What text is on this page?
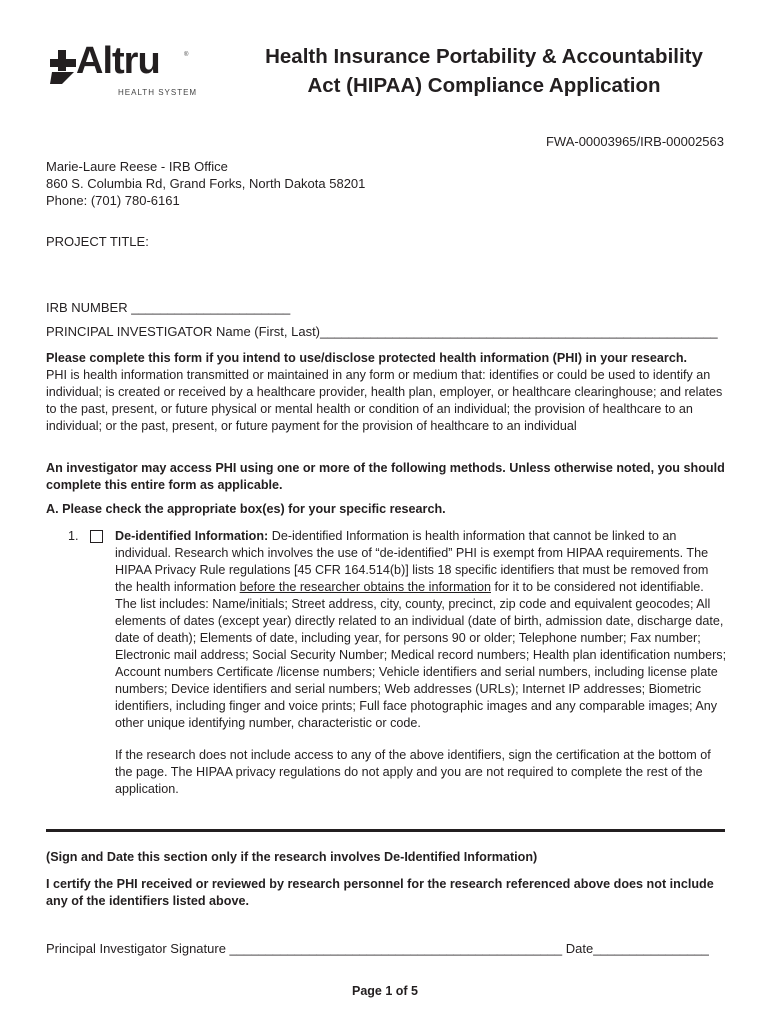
Altru	®
HEALTH SYSTEM
Health Insurance Portability & Accountability
Act (HIPAA) Compliance Application
FWA-00003965/IRB-00002563
Marie-Laure Reese - IRB Office
860 S. Columbia Rd, Grand Forks, North Dakota 58201
Phone: (701) 780-6161
PROJECT TITLE:
IRB NUMBER ______________________
PRINCIPAL INVESTIGATOR Name (First, Last)_______________________________________________________
Please complete this form if you intend to use/disclose protected health information (PHI) in your research.
PHI is health information transmitted or maintained in any form or medium that: identifies or could be used to identify an individual; is created or received by a healthcare provider, health plan, employer, or healthcare clearinghouse; and relates to the past, present, or future physical or mental health or condition of an individual; the provision of healthcare to an individual; or the past, present, or future payment for the provision of healthcare to an individual
An investigator may access PHI using one or more of the following methods. Unless otherwise noted, you should complete this entire form as applicable.
A. Please check the appropriate box(es) for your specific research.
1.	De-identified Information: De-identified Information is health information that cannot be linked to an individual. Research which involves the use of “de-identified” PHI is exempt from HIPAA requirements. The HIPAA Privacy Rule regulations [45 CFR 164.514(b)] lists 18 specific identifiers that must be removed from the health information before the researcher obtains the information for it to be considered not identifiable. The list includes: Name/initials; Street address, city, county, precinct, zip code and equivalent geocodes; All elements of dates (except year) directly related to an individual (date of birth, admission date, discharge date, date of death); Elements of date, including year, for persons 90 or older; Telephone number; Fax number; Electronic mail address; Social Security Number; Medical record numbers; Health plan identification numbers; Account numbers Certificate /license numbers; Vehicle identifiers and serial numbers, including license plate numbers; Device identifiers and serial numbers; Web addresses (URLs); Internet IP addresses; Biometric identifiers, including finger and voice prints; Full face photographic images and any comparable images; Any other unique identifying number, characteristic or code.
If the research does not include access to any of the above identifiers, sign the certification at the bottom of the page. The HIPAA privacy regulations do not apply and you are not required to complete the rest of the application.
(Sign and Date this section only if the research involves De-Identified Information)
I certify the PHI received or reviewed by research personnel for the research referenced above does not include any of the identifiers listed above.
Principal Investigator Signature ______________________________________________ Date________________
Page 1 of 5
